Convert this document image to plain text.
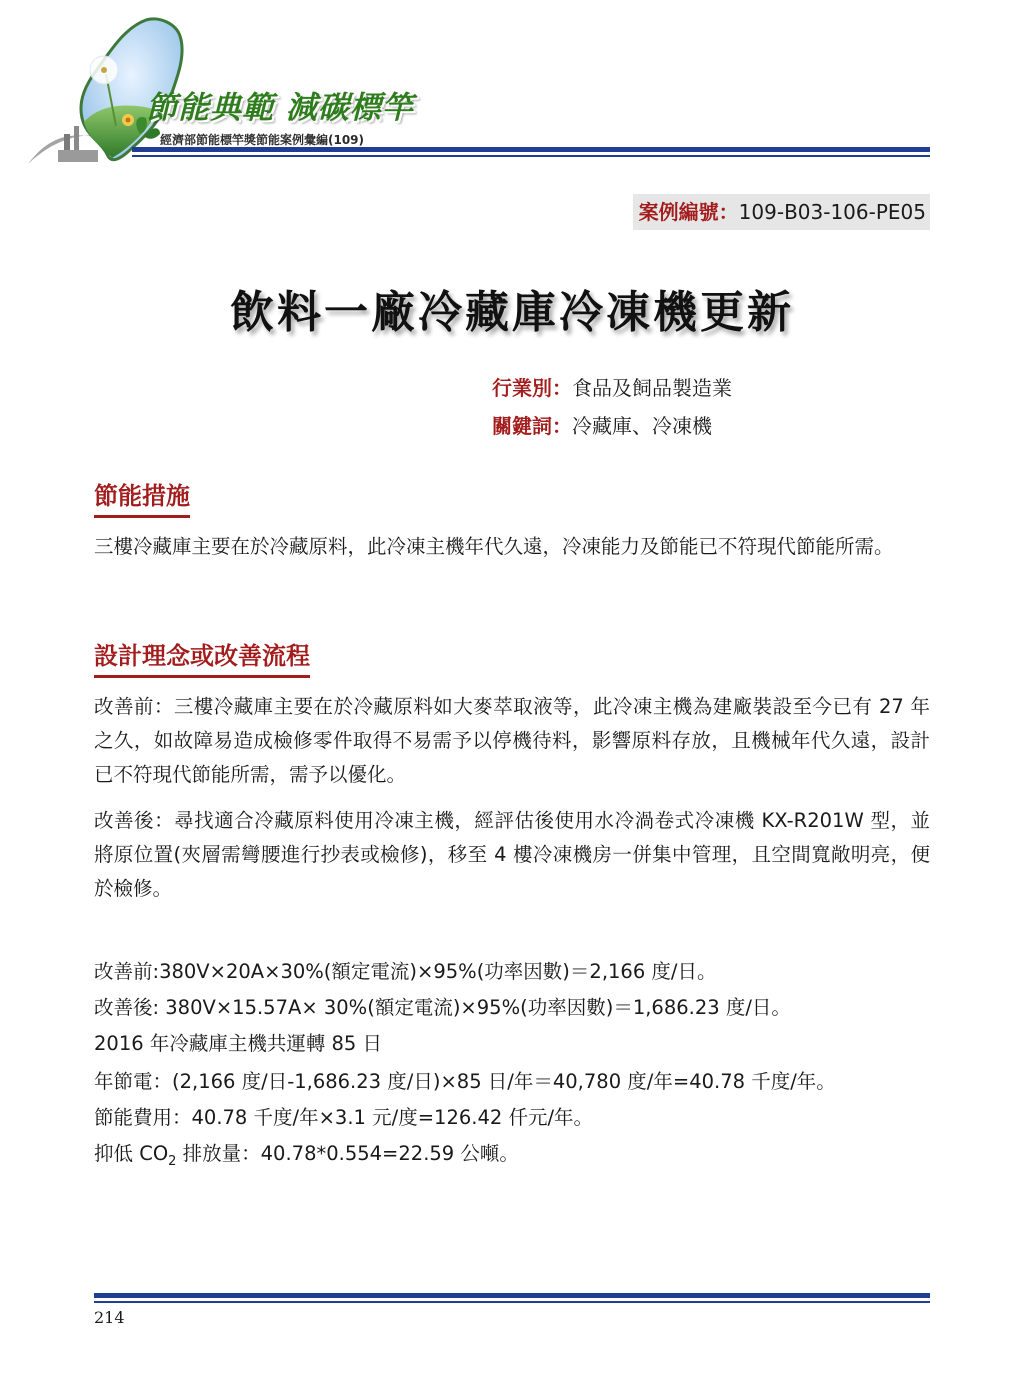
節能典範 減碳標竿
經濟部節能標竿獎節能案例彙編(109)
案例編號：109-B03-106-PE05
飲料一廠冷藏庫冷凍機更新
行業別：食品及飼品製造業
關鍵詞：冷藏庫、冷凍機
節能措施

三樓冷藏庫主要在於冷藏原料，此冷凍主機年代久遠，冷凍能力及節能已不符現代節能所需。

設計理念或改善流程

改善前：三樓冷藏庫主要在於冷藏原料如大麥萃取液等，此冷凍主機為建廠裝設至今已有 27 年之久，如故障易造成檢修零件取得不易需予以停機待料，影響原料存放，且機械年代久遠，設計已不符現代節能所需，需予以優化。

改善後：尋找適合冷藏原料使用冷凍主機，經評估後使用水冷渦卷式冷凍機 KX-R201W 型，並將原位置(夾層需彎腰進行抄表或檢修)，移至 4 樓冷凍機房一併集中管理，且空間寬敞明亮，便於檢修。

改善前:380V×20A×30%(額定電流)×95%(功率因數)＝2,166 度/日。
改善後: 380V×15.57A× 30%(額定電流)×95%(功率因數)＝1,686.23 度/日。
2016 年冷藏庫主機共運轉 85 日
年節電：(2,166 度/日-1,686.23 度/日)×85 日/年＝40,780 度/年=40.78 千度/年。
節能費用：40.78 千度/年×3.1 元/度=126.42 仟元/年。
抑低 $CO_2$ 排放量：40.78*0.554=22.59 公噸。
214
